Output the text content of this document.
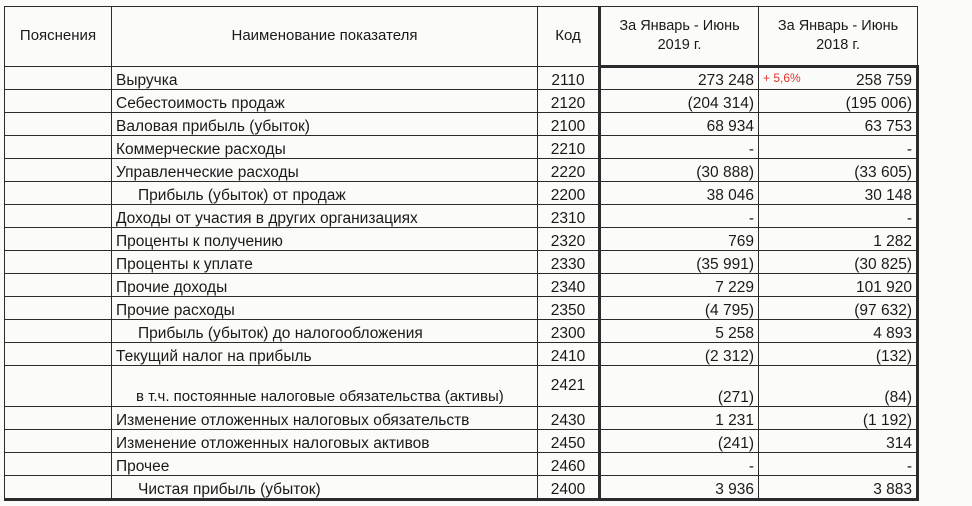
Пояснения	Наименование показателя	Код	За Январь - Июнь 2019 г.	За Январь - Июнь 2018 г.
	Выручка	2110	273 248	+ 5,6% 258 759
	Себестоимость продаж	2120	(204 314)	(195 006)
	Валовая прибыль (убыток)	2100	68 934	63 753
	Коммерческие расходы	2210	-	-
	Управленческие расходы	2220	(30 888)	(33 605)
	Прибыль (убыток) от продаж	2200	38 046	30 148
	Доходы от участия в других организациях	2310	-	-
	Проценты к получению	2320	769	1 282
	Проценты к уплате	2330	(35 991)	(30 825)
	Прочие доходы	2340	7 229	101 920
	Прочие расходы	2350	(4 795)	(97 632)
	Прибыль (убыток) до налогообложения	2300	5 258	4 893
	Текущий налог на прибыль	2410	(2 312)	(132)
	в т.ч. постоянные налоговые обязательства (активы)	2421	(271)	(84)
	Изменение отложенных налоговых обязательств	2430	1 231	(1 192)
	Изменение отложенных налоговых активов	2450	(241)	314
	Прочее	2460	-	-
	Чистая прибыль (убыток)	2400	3 936	3 883
